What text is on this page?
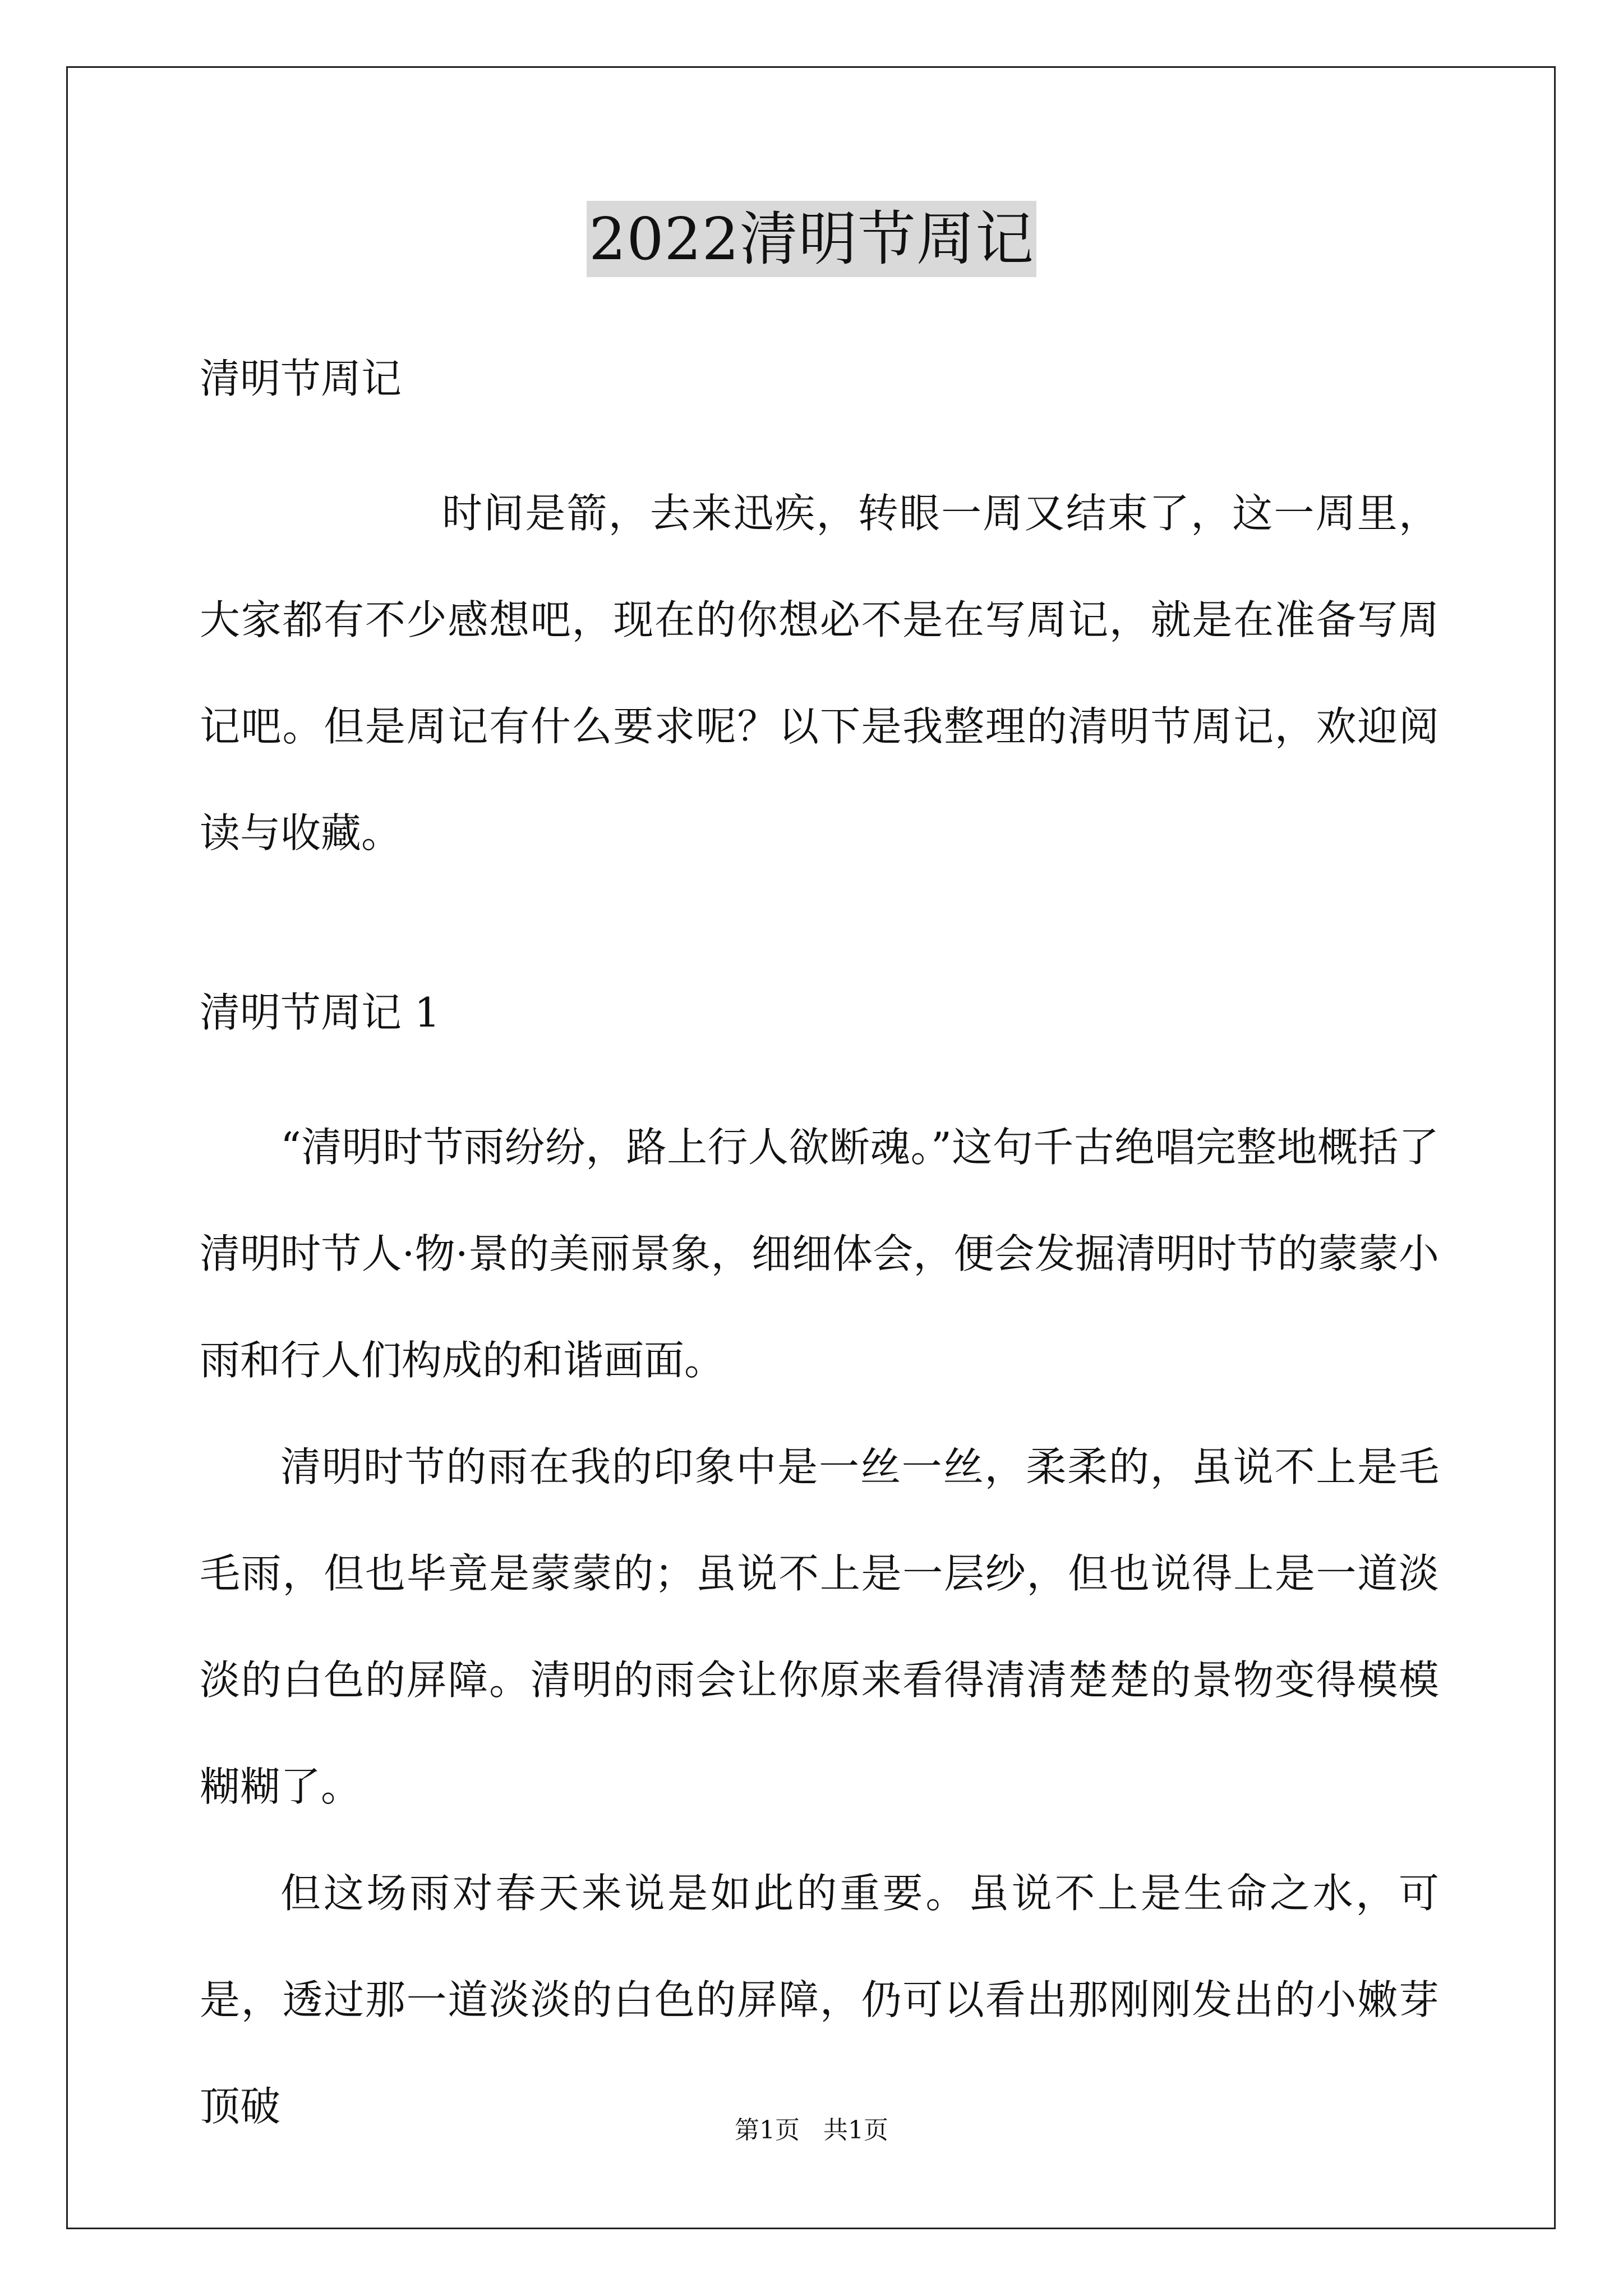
2022清明节周记

清明节周记

时间是箭，去来迅疾，转眼一周又结束了，这一周里，大家都有不少感想吧，现在的你想必不是在写周记，就是在准备写周记吧。但是周记有什么要求呢？以下是我整理的清明节周记，欢迎阅读与收藏。

清明节周记 1

“清明时节雨纷纷，路上行人欲断魂。”这句千古绝唱完整地概括了清明时节人·物·景的美丽景象，细细体会，便会发掘清明时节的蒙蒙小雨和行人们构成的和谐画面。

清明时节的雨在我的印象中是一丝一丝，柔柔的，虽说不上是毛毛雨，但也毕竟是蒙蒙的；虽说不上是一层纱，但也说得上是一道淡淡的白色的屏障。清明的雨会让你原来看得清清楚楚的景物变得模模糊糊了。

但这场雨对春天来说是如此的重要。虽说不上是生命之水，可是，透过那一道淡淡的白色的屏障，仍可以看出那刚刚发出的小嫩芽顶破

第1页   共1页
